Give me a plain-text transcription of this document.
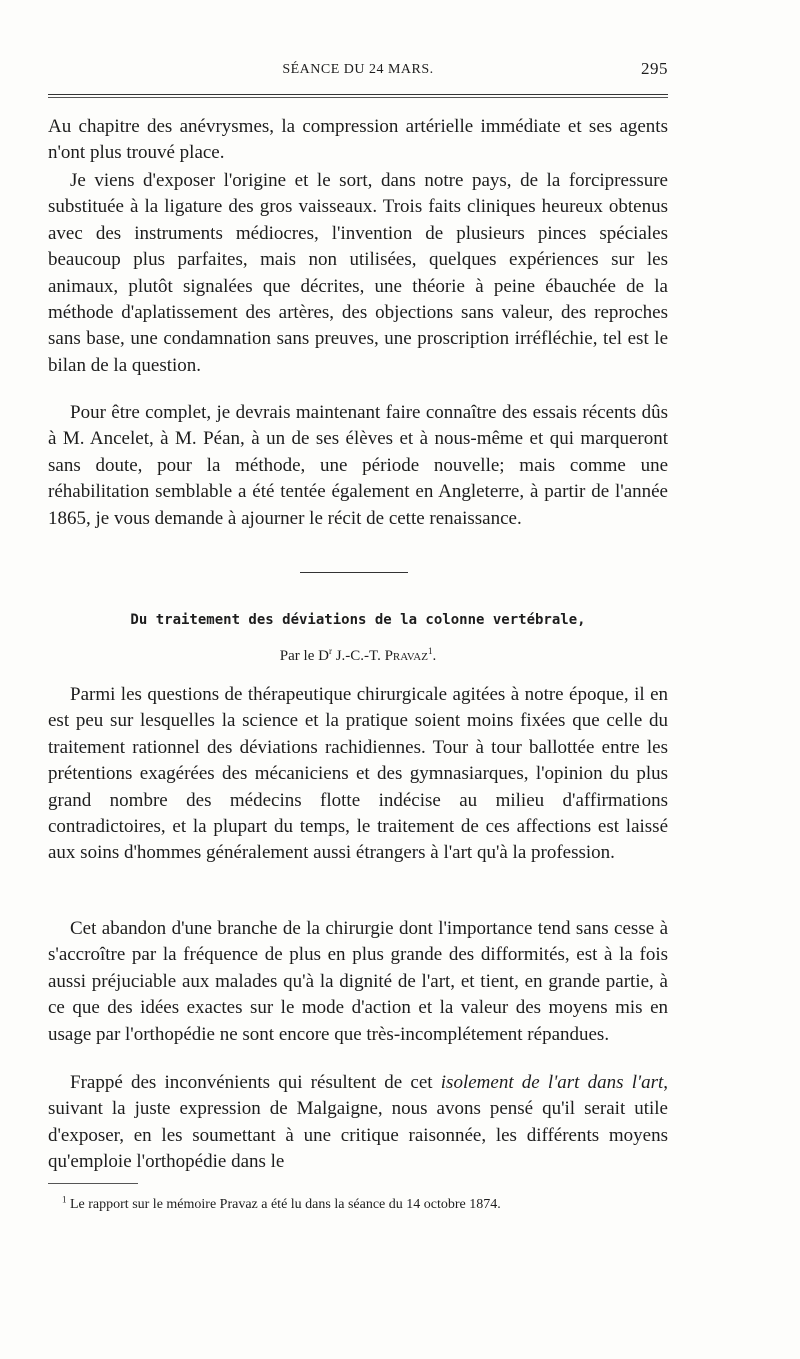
SÉANCE DU 24 MARS.	295

Au chapitre des anévrysmes, la compression artérielle immédiate et ses agents n'ont plus trouvé place.

Je viens d'exposer l'origine et le sort, dans notre pays, de la forcipressure substituée à la ligature des gros vaisseaux. Trois faits cliniques heureux obtenus avec des instruments médiocres, l'invention de plusieurs pinces spéciales beaucoup plus parfaites, mais non utilisées, quelques expériences sur les animaux, plutôt signalées que décrites, une théorie à peine ébauchée de la méthode d'aplatissement des artères, des objections sans valeur, des reproches sans base, une condamnation sans preuves, une proscription irréfléchie, tel est le bilan de la question.

Pour être complet, je devrais maintenant faire connaître des essais récents dûs à M. Ancelet, à M. Péan, à un de ses élèves et à nous-même et qui marqueront sans doute, pour la méthode, une période nouvelle; mais comme une réhabilitation semblable a été tentée également en Angleterre, à partir de l'année 1865, je vous demande à ajourner le récit de cette renaissance.

Du traitement des déviations de la colonne vertébrale,
Par le $D^r$ J.-C.-T. Pravaz$^1$.

Parmi les questions de thérapeutique chirurgicale agitées à notre époque, il en est peu sur lesquelles la science et la pratique soient moins fixées que celle du traitement rationnel des déviations rachidiennes. Tour à tour ballottée entre les prétentions exagérées des mécaniciens et des gymnasiarques, l'opinion du plus grand nombre des médecins flotte indécise au milieu d'affirmations contradictoires, et la plupart du temps, le traitement de ces affections est laissé aux soins d'hommes généralement aussi étrangers à l'art qu'à la profession.

Cet abandon d'une branche de la chirurgie dont l'importance tend sans cesse à s'accroître par la fréquence de plus en plus grande des difformités, est à la fois aussi préjuciable aux malades qu'à la dignité de l'art, et tient, en grande partie, à ce que des idées exactes sur le mode d'action et la valeur des moyens mis en usage par l'orthopédie ne sont encore que très-incomplétement répandues.

Frappé des inconvénients qui résultent de cet isolement de l'art dans l'art, suivant la juste expression de Malgaigne, nous avons pensé qu'il serait utile d'exposer, en les soumettant à une critique raisonnée, les différents moyens qu'emploie l'orthopédie dans le

$^1$ Le rapport sur le mémoire Pravaz a été lu dans la séance du 14 octobre 1874.
